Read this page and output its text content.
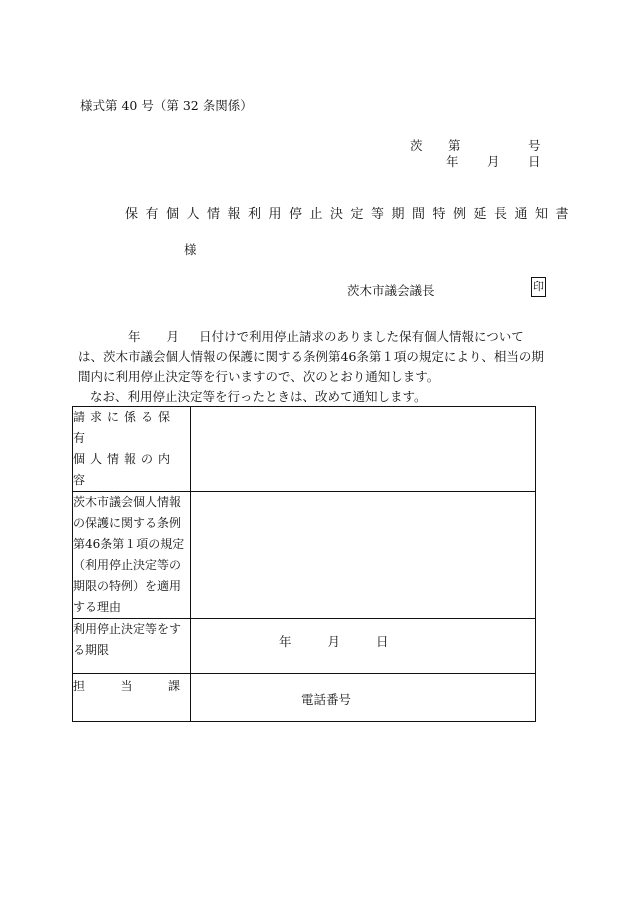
様式第 40 号（第 32 条関係）
茨 第	号
年 月 日
保有個人情報利用停止決定等期間特例延長通知書
様
茨木市議会議長	印

年 月 日付けで利用停止請求のありました保有個人情報については、茨木市議会個人情報の保護に関する条例第46条第１項の規定により、相当の期間内に利用停止決定等を行いますので、次のとおり通知します。

なお、利用停止決定等を行ったときは、改めて通知します。

請求に係る保有
個人情報の内容	

茨木市議会個人情報の保護に関する条例第46条第１項の規定（利用停止決定等の期限の特例）を適用する理由	
利用停止決定等をする期限	年 月 日

担 当 課	電話番号
